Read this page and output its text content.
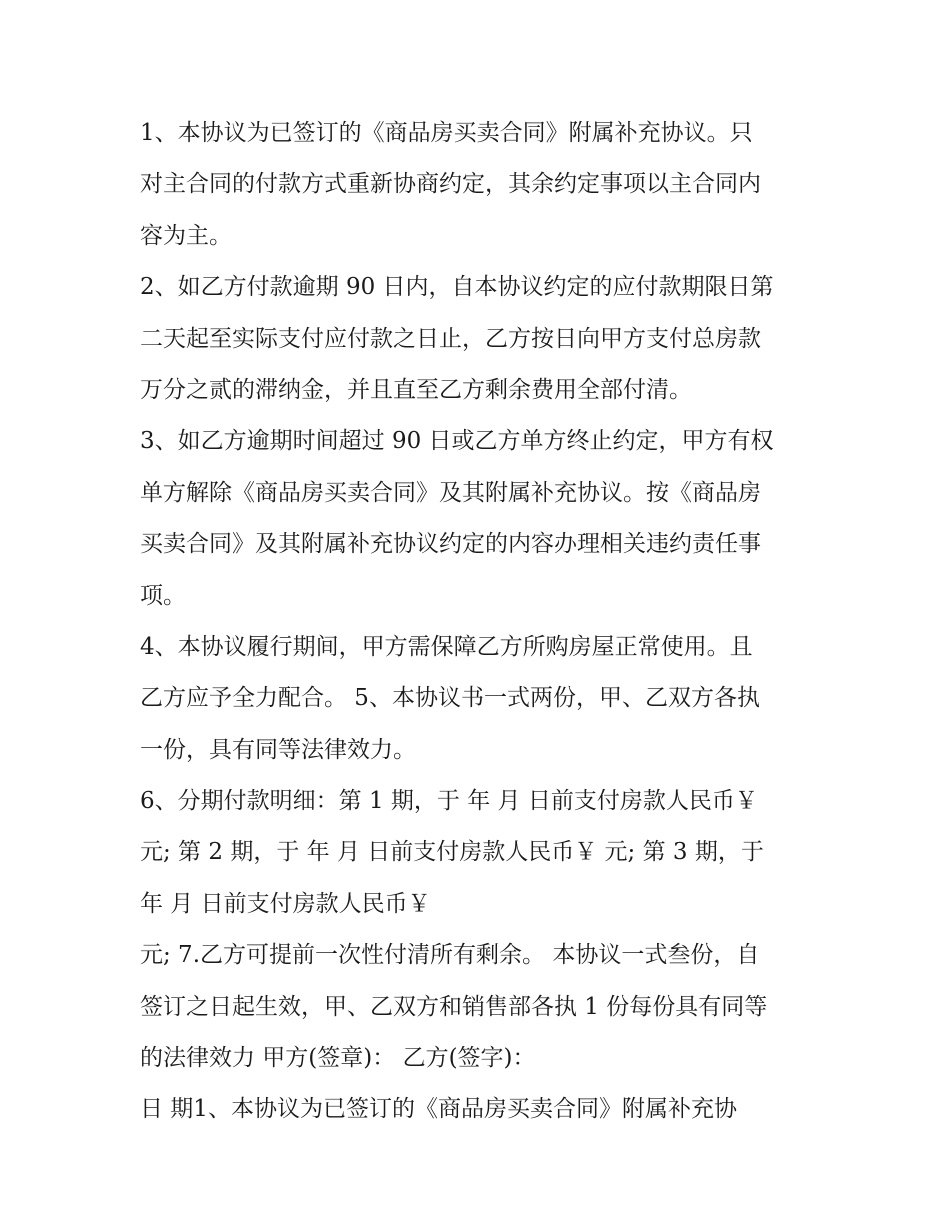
1、本协议为已签订的《商品房买卖合同》附属补充协议。只
对主合同的付款方式重新协商约定，其余约定事项以主合同内
容为主。
2、如乙方付款逾期 90 日内，自本协议约定的应付款期限日第
二天起至实际支付应付款之日止，乙方按日向甲方支付总房款
万分之贰的滞纳金，并且直至乙方剩余费用全部付清。
3、如乙方逾期时间超过 90 日或乙方单方终止约定，甲方有权
单方解除《商品房买卖合同》及其附属补充协议。按《商品房
买卖合同》及其附属补充协议约定的内容办理相关违约责任事
项。
4、本协议履行期间，甲方需保障乙方所购房屋正常使用。且
乙方应予全力配合。 5、本协议书一式两份，甲、乙双方各执
一份，具有同等法律效力。
6、分期付款明细：第 1 期，于 年 月 日前支付房款人民币￥
元; 第 2 期，于 年 月 日前支付房款人民币￥ 元; 第 3 期，于
年 月 日前支付房款人民币￥
元; 7.乙方可提前一次性付清所有剩余。 本协议一式叁份，自
签订之日起生效，甲、乙双方和销售部各执 1 份每份具有同等
的法律效力 甲方(签章)： 乙方(签字)：
日 期1、本协议为已签订的《商品房买卖合同》附属补充协
